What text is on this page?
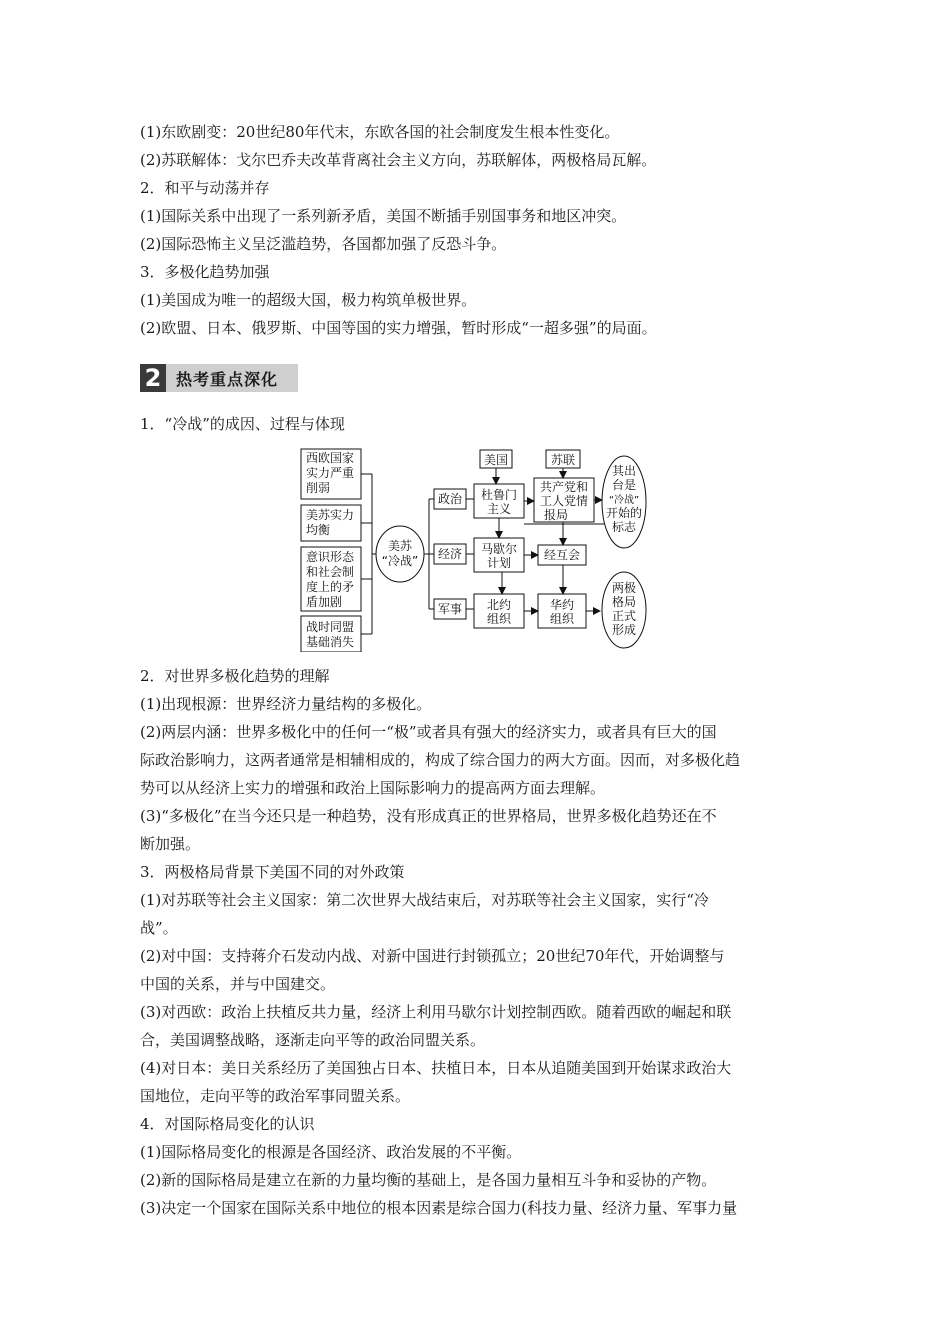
(1)东欧剧变：20世纪80年代末，东欧各国的社会制度发生根本性变化。
(2)苏联解体：戈尔巴乔夫改革背离社会主义方向，苏联解体，两极格局瓦解。
2．和平与动荡并存
(1)国际关系中出现了一系列新矛盾，美国不断插手别国事务和地区冲突。
(2)国际恐怖主义呈泛滥趋势，各国都加强了反恐斗争。
3．多极化趋势加强
(1)美国成为唯一的超级大国，极力构筑单极世界。
(2)欧盟、日本、俄罗斯、中国等国的实力增强，暂时形成“一超多强”的局面。
2 热考重点深化
1．“冷战”的成因、过程与体现
西欧国家
实力严重
削弱
美苏实力
均衡
意识形态
和社会制
度上的矛
盾加剧
战时同盟
基础消失
美苏
“冷战”
政治
经济
军事
美国	苏联
杜鲁门
主义
马歇尔
计划
北约
组织
共产党和
工人党情
报局
经互会
华约
组织
其出
台是
“冷战”
开始的
标志
两极
格局
正式
形成
2．对世界多极化趋势的理解
(1)出现根源：世界经济力量结构的多极化。
(2)两层内涵：世界多极化中的任何一“极”或者具有强大的经济实力，或者具有巨大的国
际政治影响力，这两者通常是相辅相成的，构成了综合国力的两大方面。因而，对多极化趋
势可以从经济上实力的增强和政治上国际影响力的提高两方面去理解。
(3)“多极化”在当今还只是一种趋势，没有形成真正的世界格局，世界多极化趋势还在不
断加强。
3．两极格局背景下美国不同的对外政策
(1)对苏联等社会主义国家：第二次世界大战结束后，对苏联等社会主义国家，实行“冷
战”。
(2)对中国：支持蒋介石发动内战、对新中国进行封锁孤立；20世纪70年代，开始调整与
中国的关系，并与中国建交。
(3)对西欧：政治上扶植反共力量，经济上利用马歇尔计划控制西欧。随着西欧的崛起和联
合，美国调整战略，逐渐走向平等的政治同盟关系。
(4)对日本：美日关系经历了美国独占日本、扶植日本，日本从追随美国到开始谋求政治大
国地位，走向平等的政治军事同盟关系。
4．对国际格局变化的认识
(1)国际格局变化的根源是各国经济、政治发展的不平衡。
(2)新的国际格局是建立在新的力量均衡的基础上，是各国力量相互斗争和妥协的产物。
(3)决定一个国家在国际关系中地位的根本因素是综合国力(科技力量、经济力量、军事力量
